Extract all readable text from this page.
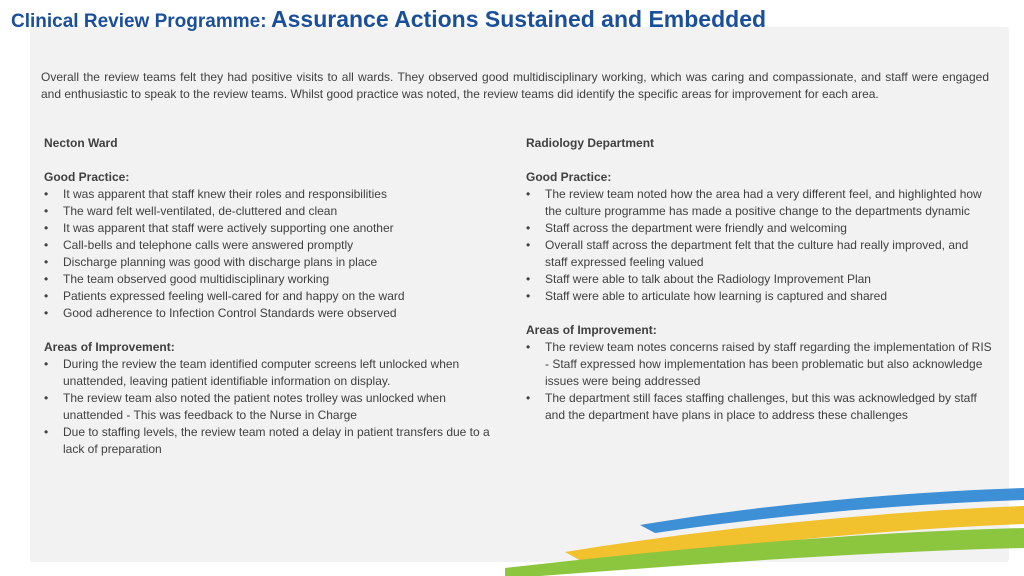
Clinical Review Programme: Assurance Actions Sustained and Embedded

Overall the review teams felt they had positive visits to all wards. They observed good multidisciplinary working, which was caring and compassionate, and staff were engaged and enthusiastic to speak to the review teams. Whilst good practice was noted, the review teams did identify the specific areas for improvement for each area.

Necton Ward
Good Practice:
• It was apparent that staff knew their roles and responsibilities
• The ward felt well-ventilated, de-cluttered and clean
• It was apparent that staff were actively supporting one another
• Call-bells and telephone calls were answered promptly
• Discharge planning was good with discharge plans in place
• The team observed good multidisciplinary working
• Patients expressed feeling well-cared for and happy on the ward
• Good adherence to Infection Control Standards were observed
Areas of Improvement:
• During the review the team identified computer screens left unlocked when unattended, leaving patient identifiable information on display.
• The review team also noted the patient notes trolley was unlocked when unattended - This was feedback to the Nurse in Charge
• Due to staffing levels, the review team noted a delay in patient transfers due to a lack of preparation
Radiology Department
Good Practice:
• The review team noted how the area had a very different feel, and highlighted how the culture programme has made a positive change to the departments dynamic
• Staff across the department were friendly and welcoming
• Overall staff across the department felt that the culture had really improved, and staff expressed feeling valued
• Staff were able to talk about the Radiology Improvement Plan
• Staff were able to articulate how learning is captured and shared
Areas of Improvement:
• The review team notes concerns raised by staff regarding the implementation of RIS - Staff expressed how implementation has been problematic but also acknowledge issues were being addressed
• The department still faces staffing challenges, but this was acknowledged by staff and the department have plans in place to address these challenges
